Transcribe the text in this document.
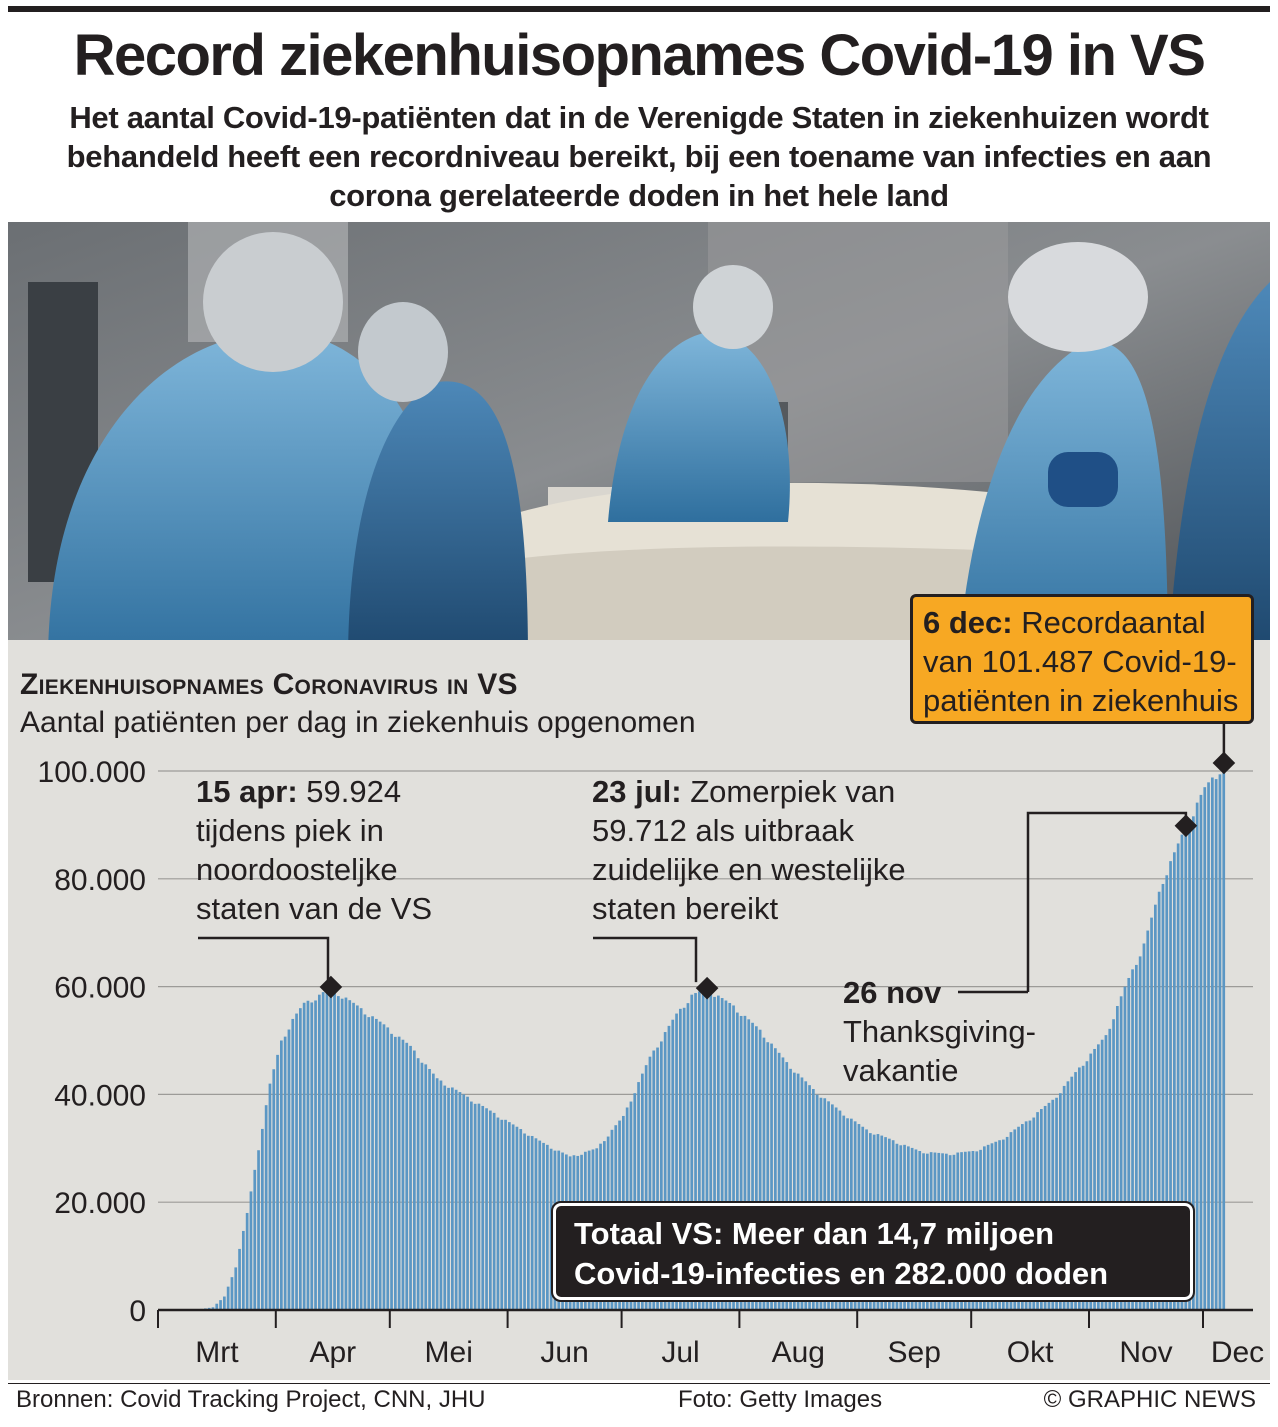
Record ziekenhuisopnames Covid-19 in VS
Het aantal Covid-19-patiënten dat in de Verenigde Staten in ziekenhuizen wordt behandeld heeft een recordniveau bereikt, bij een toename van infecties en aan corona gerelateerde doden in het hele land
0
20.000
40.000
60.000
80.000
100.000
Mrt Apr Mei Jun Jul Aug Sep Okt Nov Dec
Ziekenhuisopnames Coronavirus in VS
Aantal patiënten per dag in ziekenhuis opgenomen
15 apr: 59.924
tijdens piek in
noordoosteljke
staten van de VS
23 jul: Zomerpiek van
59.712 als uitbraak
zuidelijke en westelijke
staten bereikt
26 nov
Thanksgiving-
vakantie
6 dec: Recordaantal
van 101.487 Covid-19-
patiënten in ziekenhuis
Totaal VS: Meer dan 14,7 miljoen
Covid-19-infecties en 282.000 doden
Bronnen: Covid Tracking Project, CNN, JHU	Foto: Getty Images	© GRAPHIC NEWS
